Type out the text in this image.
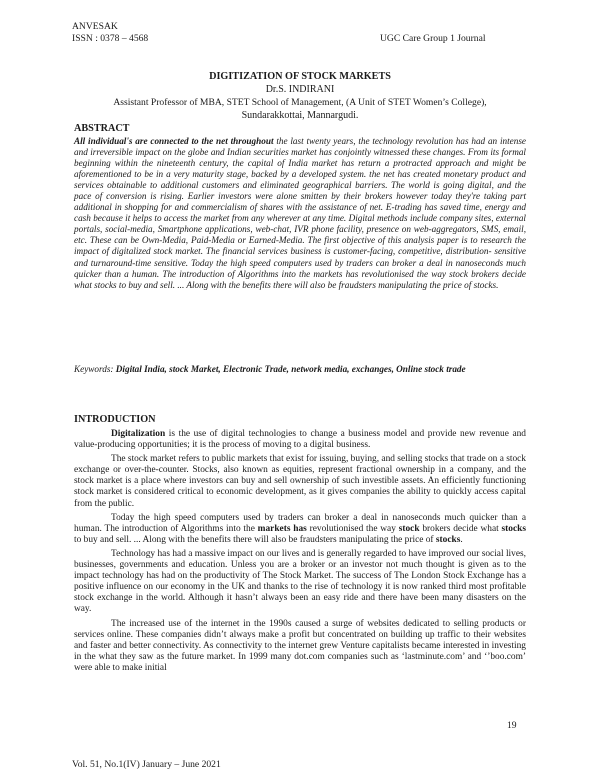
ANVESAK
ISSN : 0378 – 4568	UGC Care Group 1 Journal
DIGITIZATION OF STOCK MARKETS
Dr.S. INDIRANI
Assistant Professor of MBA, STET School of Management, (A Unit of STET Women’s College),
Sundarakkottai, Mannargudi.
ABSTRACT
All individual's are connected to the net throughout the last twenty years, the technology revolution has had an intense and irreversible impact on the globe and Indian securities market has conjointly witnessed these changes. From its formal beginning within the nineteenth century, the capital of India market has return a protracted approach and might be aforementioned to be in a very maturity stage, backed by a developed system. the net has created monetary product and services obtainable to additional customers and eliminated geographical barriers. The world is going digital, and the pace of conversion is rising. Earlier investors were alone smitten by their brokers however today they're taking part additional in shopping for and commercialism of shares with the assistance of net. E-trading has saved time, energy and cash because it helps to access the market from any wherever at any time. Digital methods include company sites, external portals, social-media, Smartphone applications, web-chat, IVR phone facility, presence on web-aggregators, SMS, email, etc. These can be Own-Media, Paid-Media or Earned-Media. The first objective of this analysis paper is to research the impact of digitalized stock market. The financial services business is customer-facing, competitive, distribution- sensitive and turnaround-time sensitive. Today the high speed computers used by traders can broker a deal in nanoseconds much quicker than a human. The introduction of Algorithms into the markets has revolutionised the way stock brokers decide what stocks to buy and sell. ... Along with the benefits there will also be fraudsters manipulating the price of stocks.
Keywords: Digital India, stock Market, Electronic Trade, network media, exchanges, Online stock trade
INTRODUCTION

Digitalization is the use of digital technologies to change a business model and provide new revenue and value-producing opportunities; it is the process of moving to a digital business.

The stock market refers to public markets that exist for issuing, buying, and selling stocks that trade on a stock exchange or over-the-counter. Stocks, also known as equities, represent fractional ownership in a company, and the stock market is a place where investors can buy and sell ownership of such investible assets. An efficiently functioning stock market is considered critical to economic development, as it gives companies the ability to quickly access capital from the public.

Today the high speed computers used by traders can broker a deal in nanoseconds much quicker than a human. The introduction of Algorithms into the markets has revolutionised the way stock brokers decide what stocks to buy and sell. ... Along with the benefits there will also be fraudsters manipulating the price of stocks.

Technology has had a massive impact on our lives and is generally regarded to have improved our social lives, businesses, governments and education. Unless you are a broker or an investor not much thought is given as to the impact technology has had on the productivity of The Stock Market. The success of The London Stock Exchange has a positive influence on our economy in the UK and thanks to the rise of technology it is now ranked third most profitable stock exchange in the world. Although it hasn’t always been an easy ride and there have been many disasters on the way.

The increased use of the internet in the 1990s caused a surge of websites dedicated to selling products or services online. These companies didn’t always make a profit but concentrated on building up traffic to their websites and faster and better connectivity. As connectivity to the internet grew Venture capitalists became interested in investing in the what they saw as the future market. In 1999 many dot.com companies such as ‘lastminute.com’ and ‘’boo.com’ were able to make initial

19
Vol. 51, No.1(IV) January – June 2021
